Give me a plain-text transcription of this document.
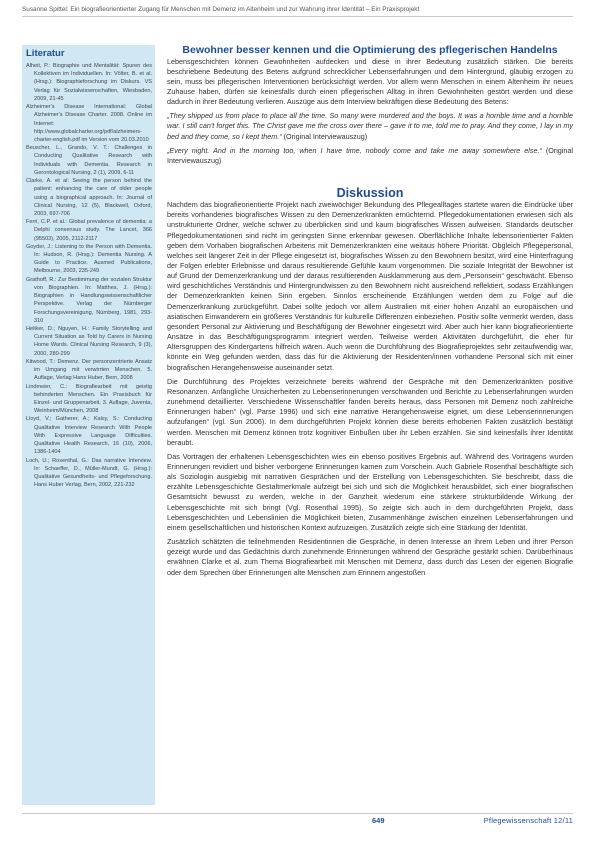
Susanne Spittel: Ein biografieorientierter Zugang für Menschen mit Demenz im Altenheim und zur Wahrung ihrer Identität – Ein Praxisprojekt
Literatur
Alheit, P.: Biographie und Mentalität: Spuren des Kollektiven im Individuellen. In: Völter, B. et al. (Hrsg.): Biographieforschung im Diskurs. VS Verlag für Sozialwissenschaften, Wiesbaden, 2009, 21-45
Alzheimer's Disease International: Global Alzheimer's Disease Charter. 2008. Online im Internet: http://www.globalcharter.org/pdf/alzheimers-charter-english.pdf im Version vom 20.03.2010
Beuscher, L., Grando, V. T.: Challenges in Conducting Qualitative Research with Individuals with Dementia. Research in Gerontological Nursing, 2 (1), 2009, 6-11
Clarke, A. et al: Seeing the person behind the patient: enhancing the care of older people using a biographical approach. In: Journal of Clinical Nursing, 12 (5), Blackwell, Oxford, 2003, 697-706
Ferri, C.P. et al.: Global prevalence of dementia: a Delphi consensus study. The Lancet, 366 (95503), 2005, 2112-2117
Goyder, J.: Listening to the Person with Dementia. In: Hudson, R. (Hrsg.): Dementia Nursing. A Guide to Practice. Ausmed Publications, Melbourne, 2003, 235-249
Grathoff, R.: Zur Bestimmung der sozialen Struktur von Biographien. In: Matthes, J. (Hrsg.): Biographien in Handlungswissenschaftlicher Perspektive. Verlag der Nürnberger Forschungsvereinigung, Nürnberg, 1981, 293-310
Heliker, D.; Nguyen, H.: Family Storytelling and Current Situation as Told by Carers in Nursing Home Wards. Clinical Nursing Research, 9 (3), 2000, 280-299
Kitwood, T.: Demenz. Der personzentrierte Ansatz im Umgang mit verwirrten Menschen. 5. Auflage, Verlag Hans Huber, Bern, 2008
Lindmeier, C.: Biografiearbeit mit geistig behinderten Menschen. Ein Praxisbuch für Einzel- und Gruppenarbeit. 3. Auflage, Juventa, Weinheim/München, 2008
Lloyd, V.; Gatherer, A.; Kalsy, S.: Conducting Qualitative Interview Research With People With Expressive Language Difficulties. Qualitative Health Research, 16 (10), 2006, 1386-1404
Loch, U.; Rosenthal, G.: Das narrative Interview. In: Schaeffer, D., Müller-Mundt, G. (Hrsg.): Qualitative Gesundheits- und Pflegeforschung. Hans Huber Verlag, Bern, 2002, 221-232
Bewohner besser kennen und die Optimierung des pflegerischen Handelns

Lebensgeschichten können Gewohnheiten aufdecken und diese in ihrer Bedeutung zusätzlich stärken. Die bereits beschriebene Bedeutung des Betens aufgrund schrecklicher Lebenserfahrungen und dem Hintergrund, gläubig erzogen zu sein, muss bei pflegerischen Interventionen berücksichtigt werden. Vor allem wenn Menschen in einem Altenheim ihr neues Zuhause haben, dürfen sie keinesfalls durch einen pflegerischen Alltag in ihren Gewohnheiten gestört werden und diese dadurch in ihrer Bedeutung verlieren. Auszüge aus dem Interview bekräftigen diese Bedeutung des Betens:

„They shipped us from place to place all the time. So many were murdered and the boys. It was a horrible time and a horrible war. I still can't forget this. The Christ gave me the cross over there – gave it to me, told me to pray. And they come, I lay in my bed and they come, so I kept them.“ (Original Interviewauszug)

„Every night. And in the morning too, when I have time, nobody come and take me away somewhere else.“ (Original Interviewauszug)

Diskussion

Nachdem das biografieorientierte Projekt nach zweiwöchiger Bekundung des Pflegealltages startete waren die Eindrücke über bereits vorhandenes biografisches Wissen zu den Demenzerkrankten ernüchternd. Pflegedokumentationen erwiesen sich als unstrukturierte Ordner, welche schwer zu überblicken sind und kaum biografisches Wissen aufweisen. Standards deutscher Pflegedokumentationen sind nicht im geringsten Sinne erkennbar gewesen. Oberflächliche Inhalte lebensorientierter Fakten geben dem Vorhaben biografischen Arbeitens mit Demenzerkrankten eine weitaus höhere Priorität. Obgleich Pflegepersonal, welches seit längerer Zeit in der Pflege eingesetzt ist, biografisches Wissen zu den Bewohnern besitzt, wird eine Hinterfragung der Folgen erlebter Erlebnisse und daraus resultierende Gefühle kaum vorgenommen. Die soziale Integrität der Bewohner ist auf Grund der Demenzerkrankung und der daraus resultierenden Ausklammerung aus dem „Personsein“ geschwächt. Ebenso wird geschichtliches Verständnis und Hintergrundwissen zu den Bewohnern nicht ausreichend reflektiert, sodass Erzählungen der Demenzerkrankten keinen Sinn ergeben. Sinnlos erscheinende Erzählungen werden dem zu Folge auf die Demenzerkrankung zurückgeführt. Dabei sollte jedoch vor allem Australien mit einer hohen Anzahl an europäischen und asiatischen Einwanderern ein größeres Verständnis für kulturelle Differenzen einbeziehen. Positiv sollte vermerkt werden, dass gesondert Personal zur Aktivierung und Beschäftigung der Bewohner eingesetzt wird. Aber auch hier kann biografieorientierte Ansätze in das Beschäftigungsprogramm integriert werden. Teilweise werden Aktivitäten durchgeführt, die eher für Altersgruppen des Kindergartens hilfreich wären. Auch wenn die Durchführung des Biografieprojektes sehr zeitaufwendig war, könnte ein Weg gefunden werden, dass das für die Aktivierung der Residenten/innen vorhandene Personal sich mit einer biografischen Herangehensweise auseinander setzt.

Die Durchführung des Projektes verzeichnete bereits während der Gespräche mit den Demenzerkrankten positive Resonanzen. Anfängliche Unsicherheiten zu Lebenserinnerungen verschwanden und Berichte zu Lebenserfahrungen wurden zunehmend detaillierter. Verschiedene Wissenschaftler fanden bereits heraus, dass Personen mit Demenz noch zahlreiche Erinnerungen haben“ (vgl. Parse 1996) und sich eine narrative Herangehensweise eignet, um diese Lebenserinnerungen aufzufangen“ (vgl. Sun 2006). In dem durchgeführten Projekt können diese bereits erhobenen Fakten zusätzlich bestätigt werden. Menschen mit Demenz können trotz kognitiver Einbußen über ihr Leben erzählen. Sie sind keinesfalls ihrer Identität beraubt.

Das Vortragen der erhaltenen Lebensgeschichten wies ein ebenso positives Ergebnis auf. Während des Vortragens wurden Erinnerungen revidiert und bisher verborgene Erinnerungen kamen zum Vorschein. Auch Gabriele Rosenthal beschäftigte sich als Soziologin ausgiebig mit narrativen Gesprächen und der Erstellung von Lebensgeschichten. Sie beschreibt, dass die erzählte Lebensgeschichte Gestaltmerkmale aufzeigt bei sich und sich die Möglichkeit herausbildet, sich einer biografischen Gesamtsicht bewusst zu werden, welche in der Ganzheit wiederum eine stärkere strukturbildende Wirkung der Lebensgeschichte mit sich bringt (Vgl. Rosenthal 1995). So zeigte sich auch in dem durchgeführten Projekt, dass Lebensgeschichten und Lebenslinien die Möglichkeit bieten, Zusammenhänge zwischen einzelnen Lebenserfahrungen und einem gesellschaftlichen und historischen Kontext aufzuzeigen. Zusätzlich zeigte sich eine Stärkung der Identität.

Zusätzlich schätzten die teilnehmenden Residentinnen die Gespräche, in denen Interesse an ihrem Leben und ihrer Person gezeigt wurde und das Gedächtnis durch zunehmende Erinnerungen während der Gespräche gestärkt schien. Darüberhinaus erwähnen Clarke et al. zum Thema Biografiearbeit mit Menschen mit Demenz, dass durch das Lesen der eigenen Biografie oder dem Sprechen über Erinnerungen alte Menschen zum Erinnern angestoßen

649	Pflegewissenschaft 12/11
